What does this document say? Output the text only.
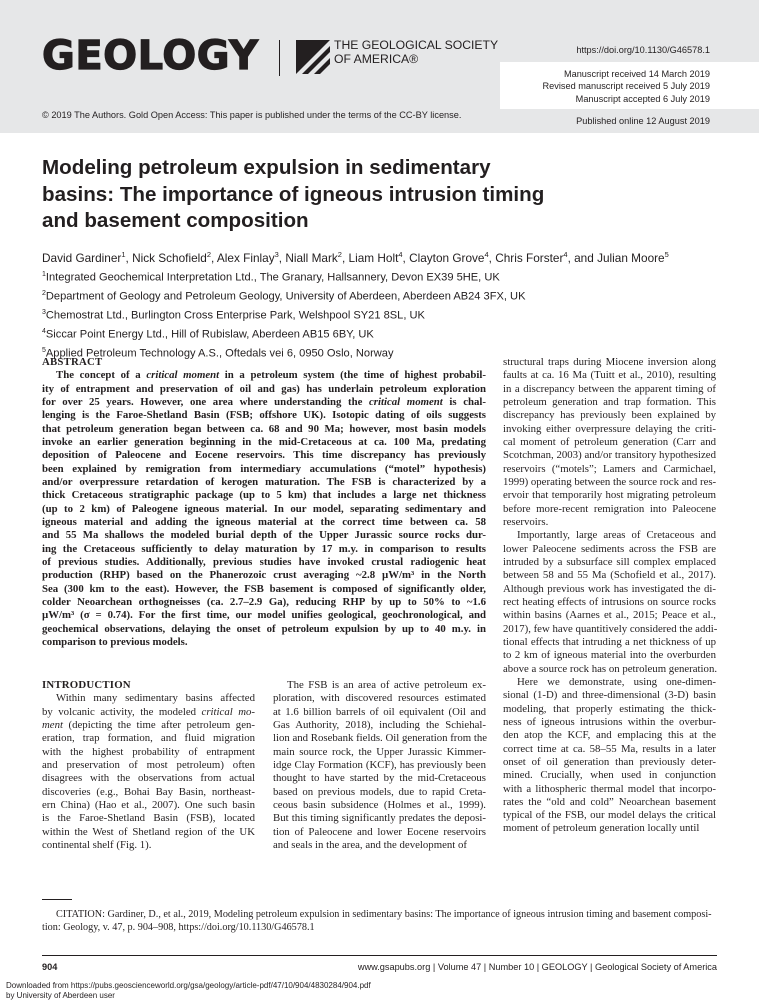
GEOLOGY	THE GEOLOGICAL SOCIETY
OF AMERICA®
https://doi.org/10.1130/G46578.1
Manuscript received 14 March 2019
Revised manuscript received 5 July 2019
Manuscript accepted 6 July 2019
© 2019 The Authors. Gold Open Access: This paper is published under the terms of the CC-BY license.
Published online 12 August 2019
Modeling petroleum expulsion in sedimentary
basins: The importance of igneous intrusion timing
and basement composition
David Gardiner$^1$, Nick Schofield$^2$, Alex Finlay$^3$, Niall Mark$^2$, Liam Holt$^4$, Clayton Grove$^4$, Chris Forster$^4$, and Julian Moore$^5$
$^1$Integrated Geochemical Interpretation Ltd., The Granary, Hallsannery, Devon EX39 5HE, UK
$^2$Department of Geology and Petroleum Geology, University of Aberdeen, Aberdeen AB24 3FX, UK
$^3$Chemostrat Ltd., Burlington Cross Enterprise Park, Welshpool SY21 8SL, UK
$^4$Siccar Point Energy Ltd., Hill of Rubislaw, Aberdeen AB15 6BY, UK
$^5$Applied Petroleum Technology A.S., Oftedals vei 6, 0950 Oslo, Norway
ABSTRACT
The concept of a critical moment in a petroleum system (the time of highest probabil-
ity of entrapment and preservation of oil and gas) has underlain petroleum exploration
for over 25 years. However, one area where understanding the critical moment is chal-
lenging is the Faroe-Shetland Basin (FSB; offshore UK). Isotopic dating of oils suggests
that petroleum generation began between ca. 68 and 90 Ma; however, most basin models
invoke an earlier generation beginning in the mid-Cretaceous at ca. 100 Ma, predating
deposition of Paleocene and Eocene reservoirs. This time discrepancy has previously
been explained by remigration from intermediary accumulations (“motel” hypothesis)
and/or overpressure retardation of kerogen maturation. The FSB is characterized by a
thick Cretaceous stratigraphic package (up to 5 km) that includes a large net thickness
(up to 2 km) of Paleogene igneous material. In our model, separating sedimentary and
igneous material and adding the igneous material at the correct time between ca. 58
and 55 Ma shallows the modeled burial depth of the Upper Jurassic source rocks dur-
ing the Cretaceous sufficiently to delay maturation by 17 m.y. in comparison to results
of previous studies. Additionally, previous studies have invoked crustal radiogenic heat
production (RHP) based on the Phanerozoic crust averaging ~2.8 µW/m³ in the North
Sea (300 km to the east). However, the FSB basement is composed of significantly older,
colder Neoarchean orthogneisses (ca. 2.7–2.9 Ga), reducing RHP by up to 50% to ~1.6
µW/m³ (σ = 0.74). For the first time, our model unifies geological, geochronological, and
geochemical observations, delaying the onset of petroleum expulsion by up to 40 m.y. in
comparison to previous models.
INTRODUCTION
Within many sedimentary basins affected
by volcanic activity, the modeled critical mo-
ment (depicting the time after petroleum gen-
eration, trap formation, and fluid migration
with the highest probability of entrapment
and preservation of most petroleum) often
disagrees with the observations from actual
discoveries (e.g., Bohai Bay Basin, northeast-
ern China) (Hao et al., 2007). One such basin
is the Faroe-Shetland Basin (FSB), located
within the West of Shetland region of the UK
continental shelf (Fig. 1).
The FSB is an area of active petroleum ex-
ploration, with discovered resources estimated
at 1.6 billion barrels of oil equivalent (Oil and
Gas Authority, 2018), including the Schiehal-
lion and Rosebank fields. Oil generation from the
main source rock, the Upper Jurassic Kimmer-
idge Clay Formation (KCF), has previously been
thought to have started by the mid-Cretaceous
based on previous models, due to rapid Creta-
ceous basin subsidence (Holmes et al., 1999).
But this timing significantly predates the deposi-
tion of Paleocene and lower Eocene reservoirs
and seals in the area, and the development of
structural traps during Miocene inversion along
faults at ca. 16 Ma (Tuitt et al., 2010), resulting
in a discrepancy between the apparent timing of
petroleum generation and trap formation. This
discrepancy has previously been explained by
invoking either overpressure delaying the criti-
cal moment of petroleum generation (Carr and
Scotchman, 2003) and/or transitory hypothesized
reservoirs (“motels”; Lamers and Carmichael,
1999) operating between the source rock and res-
ervoir that temporarily host migrating petroleum
before more-recent remigration into Paleocene
reservoirs.
Importantly, large areas of Cretaceous and
lower Paleocene sediments across the FSB are
intruded by a subsurface sill complex emplaced
between 58 and 55 Ma (Schofield et al., 2017).
Although previous work has investigated the di-
rect heating effects of intrusions on source rocks
within basins (Aarnes et al., 2015; Peace et al.,
2017), few have quantitively considered the addi-
tional effects that intruding a net thickness of up
to 2 km of igneous material into the overburden
above a source rock has on petroleum generation.
Here we demonstrate, using one-dimen-
sional (1-D) and three-dimensional (3-D) basin
modeling, that properly estimating the thick-
ness of igneous intrusions within the overbur-
den atop the KCF, and emplacing this at the
correct time at ca. 58–55 Ma, results in a later
onset of oil generation than previously deter-
mined. Crucially, when used in conjunction
with a lithospheric thermal model that incorpo-
rates the “old and cold” Neoarchean basement
typical of the FSB, our model delays the critical
moment of petroleum generation locally until
CITATION: Gardiner, D., et al., 2019, Modeling petroleum expulsion in sedimentary basins: The importance of igneous intrusion timing and basement composi-
tion: Geology, v. 47, p. 904–908, https://doi.org/10.1130/G46578.1
904	www.gsapubs.org | Volume 47 | Number 10 | GEOLOGY | Geological Society of America
Downloaded from https://pubs.geoscienceworld.org/gsa/geology/article-pdf/47/10/904/4830284/904.pdf
by University of Aberdeen user
